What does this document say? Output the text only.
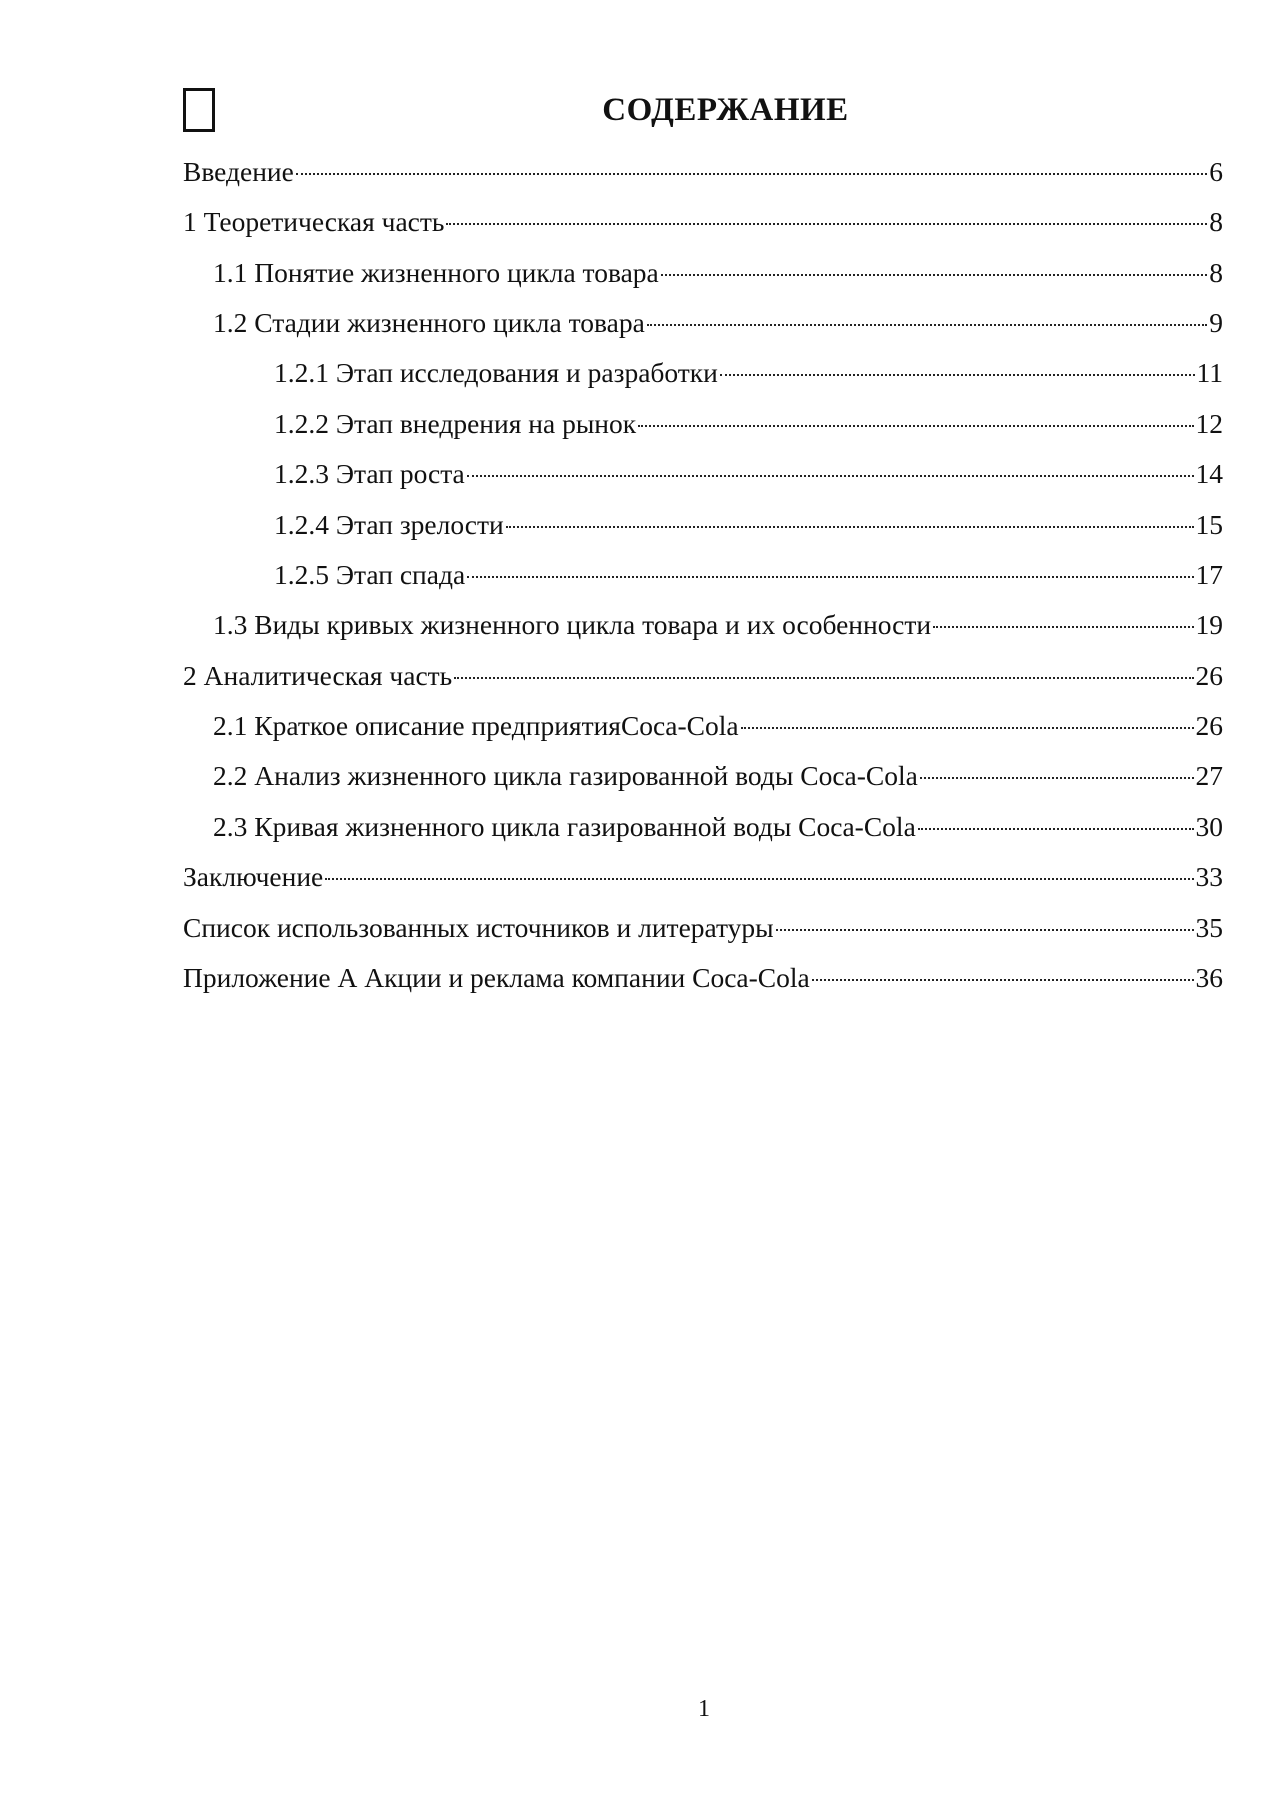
СОДЕРЖАНИЕ
Введение	6
1 Теоретическая часть	8
1.1 Понятие жизненного цикла товара	8
1.2 Стадии жизненного цикла товара	9
1.2.1 Этап исследования и разработки	11
1.2.2 Этап внедрения на рынок	12
1.2.3 Этап роста	14
1.2.4 Этап зрелости	15
1.2.5 Этап спада	17
1.3 Виды кривых жизненного цикла товара и их особенности	19
2 Аналитическая часть	26
2.1 Краткое описание предприятияCoca-Cola	26
2.2 Анализ жизненного цикла газированной воды Coca-Cola	27
2.3 Кривая жизненного цикла газированной воды Coca-Cola	30
Заключение	33
Список использованных источников и литературы	35
Приложение А Акции и реклама компании Coca-Cola	36
1
